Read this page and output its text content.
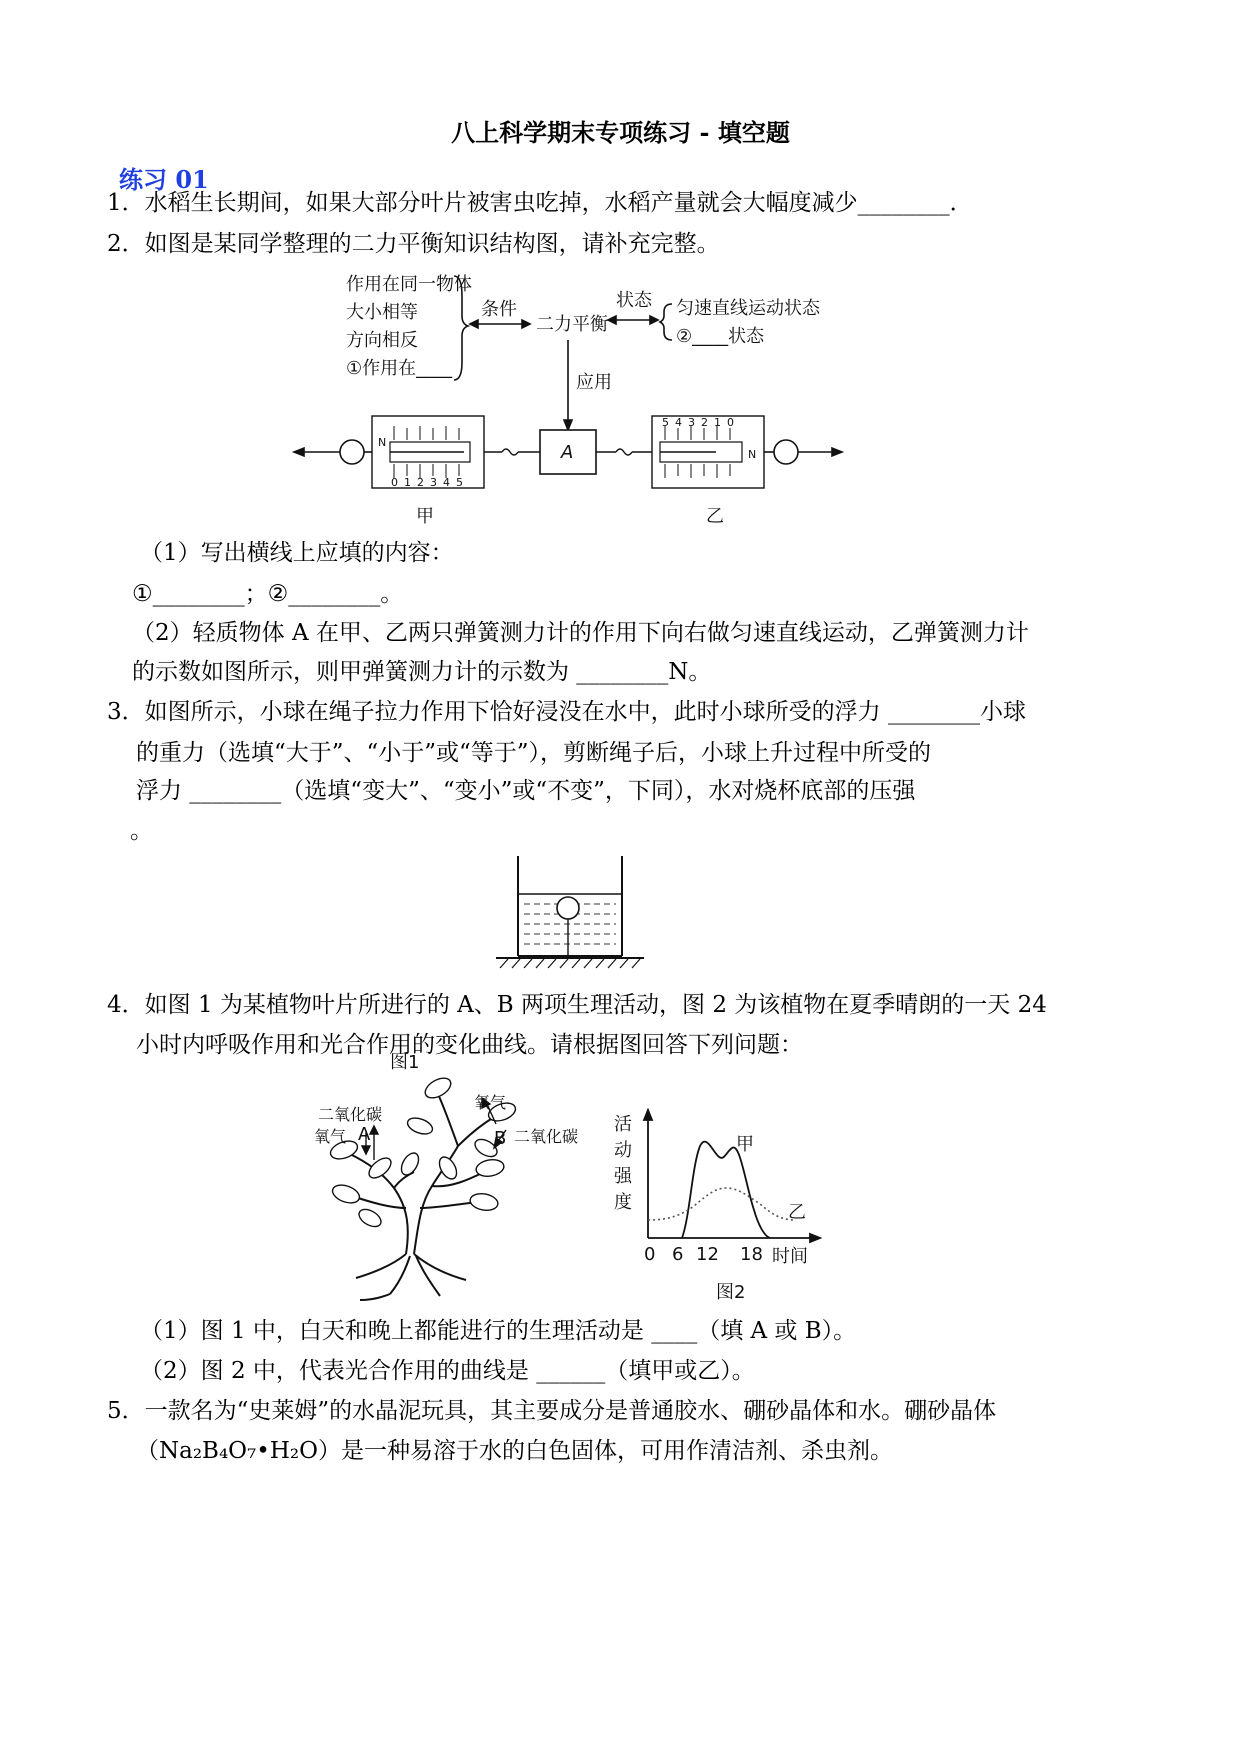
八上科学期末专项练习 - 填空题
练习 01
1．水稻生长期间，如果大部分叶片被害虫吃掉，水稻产量就会大幅度减少________．
2．如图是某同学整理的二力平衡知识结构图，请补充完整。
作用在同一物体
大小相等
方向相反
①作用在____
条件
二力平衡
状态 匀速直线运动状态
②____状态
应用
N
0 1 2 3 4 5
A	N
5 4 3 2 1 0
甲	乙
（1）写出横线上应填的内容：
①________；②________。
（2）轻质物体 A 在甲、乙两只弹簧测力计的作用下向右做匀速直线运动，乙弹簧测力计
的示数如图所示，则甲弹簧测力计的示数为 ________N。
3．如图所示，小球在绳子拉力作用下恰好浸没在水中，此时小球所受的浮力 ________小球
的重力（选填“大于”、“小于”或“等于”），剪断绳子后，小球上升过程中所受的
浮力 ________（选填“变大”、“变小”或“不变”，下同），水对烧杯底部的压强
。
4．如图 1 为某植物叶片所进行的 A、B 两项生理活动，图 2 为该植物在夏季晴朗的一天 24
小时内呼吸作用和光合作用的变化曲线。请根据图回答下列问题：
二氧化碳
氧气 A
氧气
B 二氧化碳
图1
活
动
强
度
甲
乙
0 6 12 18 时间
图2
（1）图 1 中，白天和晚上都能进行的生理活动是 ____（填 A 或 B）。
（2）图 2 中，代表光合作用的曲线是 ______（填甲或乙）。
5．一款名为“史莱姆”的水晶泥玩具，其主要成分是普通胶水、硼砂晶体和水。硼砂晶体
（Na₂B₄O₇•H₂O）是一种易溶于水的白色固体，可用作清洁剂、杀虫剂。
